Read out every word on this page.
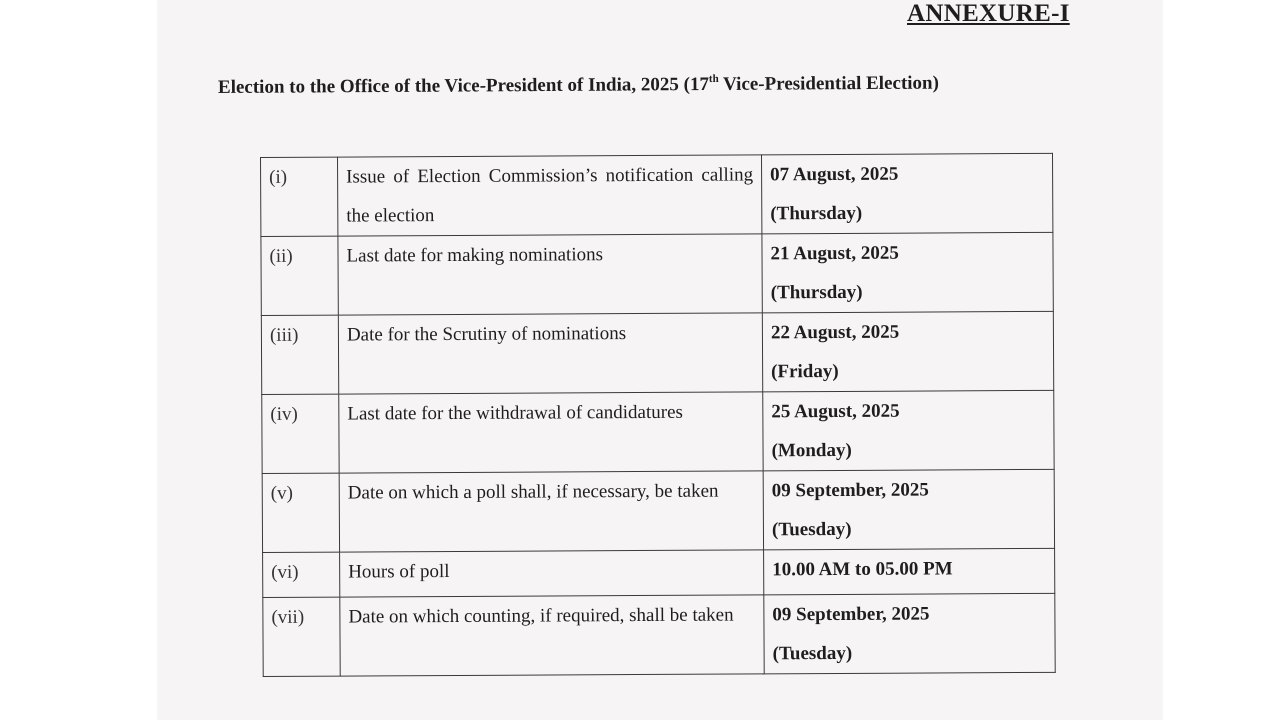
ANNEXURE-I
Election to the Office of the Vice-President of India, 2025 (17th Vice-Presidential Election)
(i)	Issue of Election Commission’s notification calling the election	07 August, 2025
(Thursday)

(ii)	Last date for making nominations	21 August, 2025
(Thursday)

(iii)	Date for the Scrutiny of nominations	22 August, 2025
(Friday)

(iv)	Last date for the withdrawal of candidatures	25 August, 2025
(Monday)

(v)	Date on which a poll shall, if necessary, be taken	09 September, 2025
(Tuesday)

(vi)	Hours of poll	10.00 AM to 05.00 PM

(vii)	Date on which counting, if required, shall be taken	09 September, 2025
(Tuesday)
